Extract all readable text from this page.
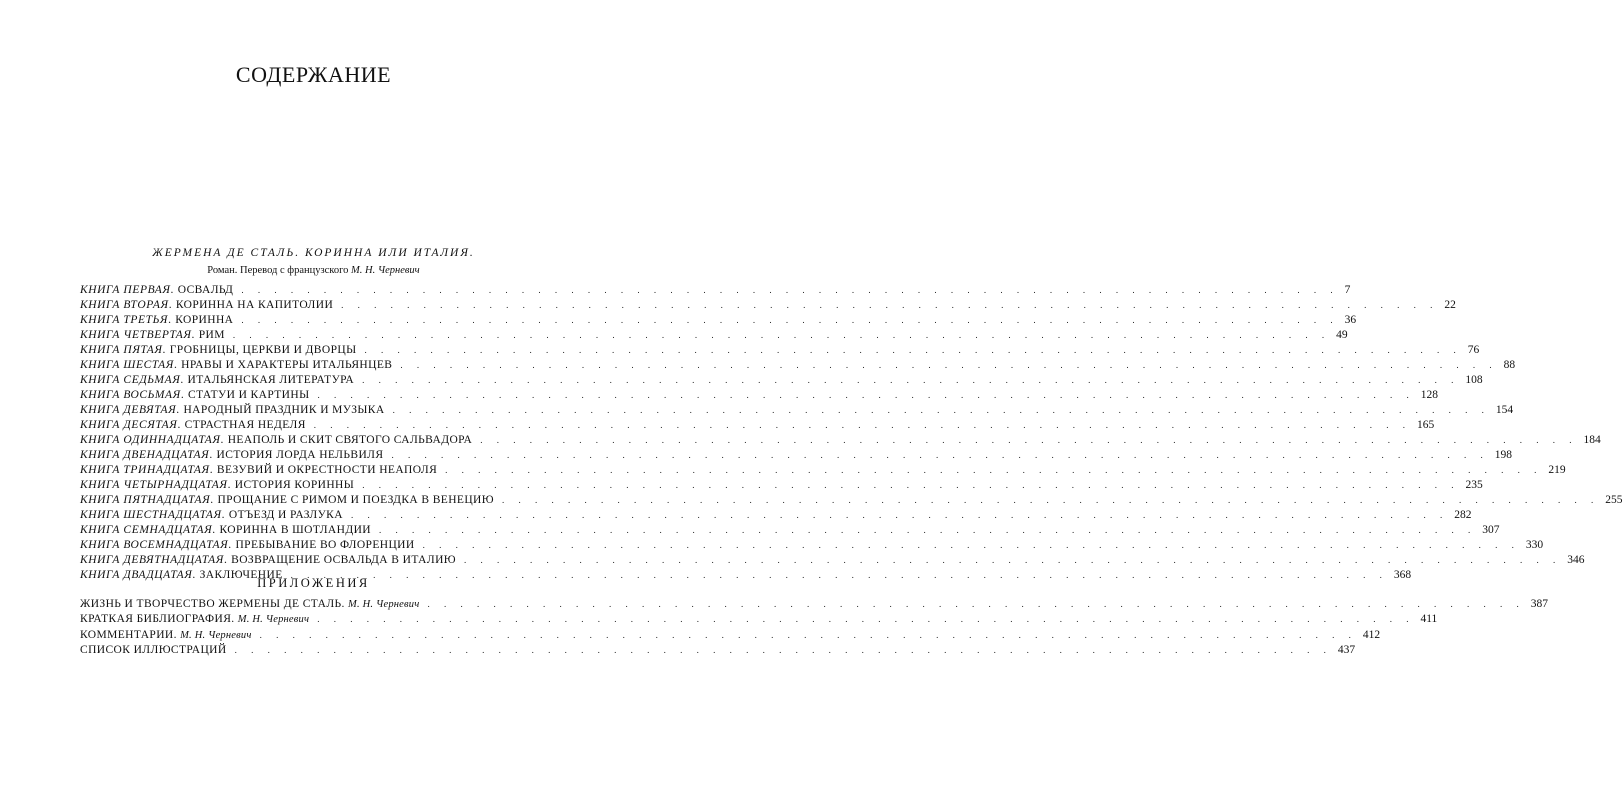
СОДЕРЖАНИЕ
ЖЕРМЕНА ДЕ СТАЛЬ. КОРИННА ИЛИ ИТАЛИЯ.
Роман. Перевод с французского М. Н. Черневич
КНИГА ПЕРВАЯ. ОСВАЛЬД . . . . . . . . . . . . . . . . . . . . . . . . . . . . . . . . . . . . . . . . . . . . . . . . . . . . . . . . . . . . . . . . . . . 7
КНИГА ВТОРАЯ. КОРИННА НА КАПИТОЛИИ . . . . . . . . . . . . . . . . . . . . . . . . . . . . . . . . . . . . . . . . . . . . . . . . . . . . . . . . . . . . . . . . . . . 22
КНИГА ТРЕТЬЯ. КОРИННА . . . . . . . . . . . . . . . . . . . . . . . . . . . . . . . . . . . . . . . . . . . . . . . . . . . . . . . . . . . . . . . . . . . 36
КНИГА ЧЕТВЕРТАЯ. РИМ . . . . . . . . . . . . . . . . . . . . . . . . . . . . . . . . . . . . . . . . . . . . . . . . . . . . . . . . . . . . . . . . . . . 49
КНИГА ПЯТАЯ. ГРОБНИЦЫ, ЦЕРКВИ И ДВОРЦЫ . . . . . . . . . . . . . . . . . . . . . . . . . . . . . . . . . . . . . . . . . . . . . . . . . . . . . . . . . . . . . . . . . . . 76
КНИГА ШЕСТАЯ. НРАВЫ И ХАРАКТЕРЫ ИТАЛЬЯНЦЕВ . . . . . . . . . . . . . . . . . . . . . . . . . . . . . . . . . . . . . . . . . . . . . . . . . . . . . . . . . . . . . . . . . . . 88
КНИГА СЕДЬМАЯ. ИТАЛЬЯНСКАЯ ЛИТЕРАТУРА . . . . . . . . . . . . . . . . . . . . . . . . . . . . . . . . . . . . . . . . . . . . . . . . . . . . . . . . . . . . . . . . . . . 108
КНИГА ВОСЬМАЯ. СТАТУИ И КАРТИНЫ . . . . . . . . . . . . . . . . . . . . . . . . . . . . . . . . . . . . . . . . . . . . . . . . . . . . . . . . . . . . . . . . . . . 128
КНИГА ДЕВЯТАЯ. НАРОДНЫЙ ПРАЗДНИК И МУЗЫКА . . . . . . . . . . . . . . . . . . . . . . . . . . . . . . . . . . . . . . . . . . . . . . . . . . . . . . . . . . . . . . . . . . . 154
КНИГА ДЕСЯТАЯ. СТРАСТНАЯ НЕДЕЛЯ . . . . . . . . . . . . . . . . . . . . . . . . . . . . . . . . . . . . . . . . . . . . . . . . . . . . . . . . . . . . . . . . . . . 165
КНИГА ОДИННАДЦАТАЯ. НЕАПОЛЬ И СКИТ СВЯТОГО САЛЬВАДОРА . . . . . . . . . . . . . . . . . . . . . . . . . . . . . . . . . . . . . . . . . . . . . . . . . . . . . . . . . . . . . . . . . . . 184
КНИГА ДВЕНАДЦАТАЯ. ИСТОРИЯ ЛОРДА НЕЛЬВИЛЯ . . . . . . . . . . . . . . . . . . . . . . . . . . . . . . . . . . . . . . . . . . . . . . . . . . . . . . . . . . . . . . . . . . . 198
КНИГА ТРИНАДЦАТАЯ. ВЕЗУВИЙ И ОКРЕСТНОСТИ НЕАПОЛЯ . . . . . . . . . . . . . . . . . . . . . . . . . . . . . . . . . . . . . . . . . . . . . . . . . . . . . . . . . . . . . . . . . . . 219
КНИГА ЧЕТЫРНАДЦАТАЯ. ИСТОРИЯ КОРИННЫ . . . . . . . . . . . . . . . . . . . . . . . . . . . . . . . . . . . . . . . . . . . . . . . . . . . . . . . . . . . . . . . . . . . 235
КНИГА ПЯТНАДЦАТАЯ. ПРОЩАНИЕ С РИМОМ И ПОЕЗДКА В ВЕНЕЦИЮ . . . . . . . . . . . . . . . . . . . . . . . . . . . . . . . . . . . . . . . . . . . . . . . . . . . . . . . . . . . . . . . . . . . 255
КНИГА ШЕСТНАДЦАТАЯ. ОТЪЕЗД И РАЗЛУКА . . . . . . . . . . . . . . . . . . . . . . . . . . . . . . . . . . . . . . . . . . . . . . . . . . . . . . . . . . . . . . . . . . . 282
КНИГА СЕМНАДЦАТАЯ. КОРИННА В ШОТЛАНДИИ . . . . . . . . . . . . . . . . . . . . . . . . . . . . . . . . . . . . . . . . . . . . . . . . . . . . . . . . . . . . . . . . . . . 307
КНИГА ВОСЕМНАДЦАТАЯ. ПРЕБЫВАНИЕ ВО ФЛОРЕНЦИИ . . . . . . . . . . . . . . . . . . . . . . . . . . . . . . . . . . . . . . . . . . . . . . . . . . . . . . . . . . . . . . . . . . . 330
КНИГА ДЕВЯТНАДЦАТАЯ. ВОЗВРАЩЕНИЕ ОСВАЛЬДА В ИТАЛИЮ . . . . . . . . . . . . . . . . . . . . . . . . . . . . . . . . . . . . . . . . . . . . . . . . . . . . . . . . . . . . . . . . . . . 346
КНИГА ДВАДЦАТАЯ. ЗАКЛЮЧЕНИЕ . . . . . . . . . . . . . . . . . . . . . . . . . . . . . . . . . . . . . . . . . . . . . . . . . . . . . . . . . . . . . . . . . . . 368
ПРИЛОЖЕНИЯ
ЖИЗНЬ И ТВОРЧЕСТВО ЖЕРМЕНЫ ДЕ СТАЛЬ. М. Н. Черневич . . . . . . . . . . . . . . . . . . . . . . . . . . . . . . . . . . . . . . . . . . . . . . . . . . . . . . . . . . . . . . . . . . . 387
КРАТКАЯ БИБЛИОГРАФИЯ. М. Н. Черневич . . . . . . . . . . . . . . . . . . . . . . . . . . . . . . . . . . . . . . . . . . . . . . . . . . . . . . . . . . . . . . . . . . . 411
КОММЕНТАРИИ. М. Н. Черневич . . . . . . . . . . . . . . . . . . . . . . . . . . . . . . . . . . . . . . . . . . . . . . . . . . . . . . . . . . . . . . . . . . . 412
СПИСОК ИЛЛЮСТРАЦИЙ . . . . . . . . . . . . . . . . . . . . . . . . . . . . . . . . . . . . . . . . . . . . . . . . . . . . . . . . . . . . . . . . . . . 437
